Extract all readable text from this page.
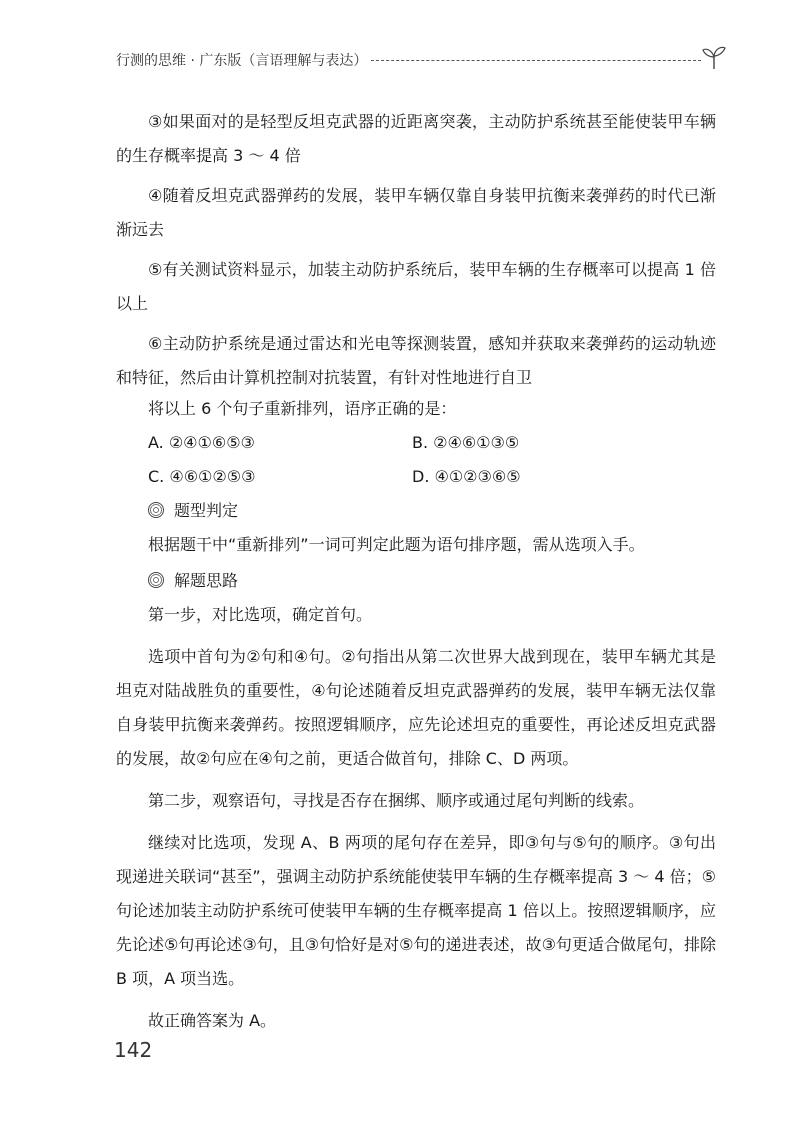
行测的思维 · 广东版（言语理解与表达）

③如果面对的是轻型反坦克武器的近距离突袭，主动防护系统甚至能使装甲车辆的生存概率提高 3 ～ 4 倍

④随着反坦克武器弹药的发展，装甲车辆仅靠自身装甲抗衡来袭弹药的时代已渐渐远去

⑤有关测试资料显示，加装主动防护系统后，装甲车辆的生存概率可以提高 1 倍以上

⑥主动防护系统是通过雷达和光电等探测装置，感知并获取来袭弹药的运动轨迹和特征，然后由计算机控制对抗装置，有针对性地进行自卫

将以上 6 个句子重新排列，语序正确的是：
A. ②④①⑥⑤③	B. ②④⑥①③⑤
C. ④⑥①②⑤③	D. ④①②③⑥⑤
题型判定

根据题干中“重新排列”一词可判定此题为语句排序题，需从选项入手。

解题思路

第一步，对比选项，确定首句。

选项中首句为②句和④句。②句指出从第二次世界大战到现在，装甲车辆尤其是坦克对陆战胜负的重要性，④句论述随着反坦克武器弹药的发展，装甲车辆无法仅靠自身装甲抗衡来袭弹药。按照逻辑顺序，应先论述坦克的重要性，再论述反坦克武器的发展，故②句应在④句之前，更适合做首句，排除 C、D 两项。

第二步，观察语句，寻找是否存在捆绑、顺序或通过尾句判断的线索。

继续对比选项，发现 A、B 两项的尾句存在差异，即③句与⑤句的顺序。③句出现递进关联词“甚至”，强调主动防护系统能使装甲车辆的生存概率提高 3 ～ 4 倍；⑤句论述加装主动防护系统可使装甲车辆的生存概率提高 1 倍以上。按照逻辑顺序，应先论述⑤句再论述③句，且③句恰好是对⑤句的递进表述，故③句更适合做尾句，排除 B 项，A 项当选。

故正确答案为 A。

142
